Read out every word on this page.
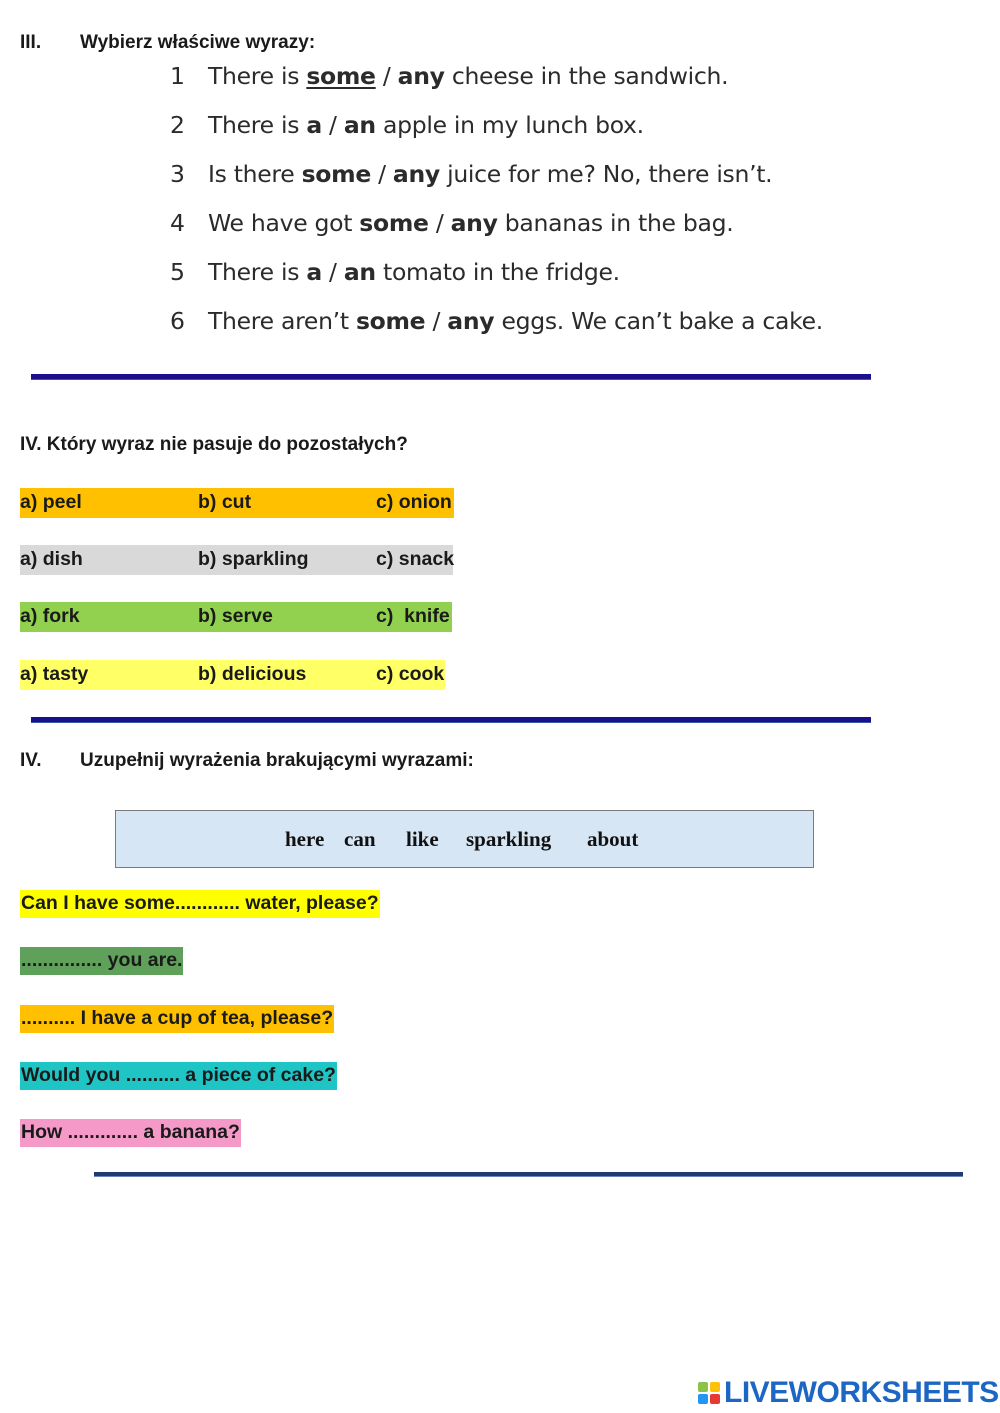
III. Wybierz właściwe wyrazy:
1 There is some / any cheese in the sandwich.
2 There is a / an apple in my lunch box.
3 Is there some / any juice for me? No, there isn’t.
4 We have got some / any bananas in the bag.
5 There is a / an tomato in the fridge.
6 There aren’t some / any eggs. We can’t bake a cake.
IV. Który wyraz nie pasuje do pozostałych?
a) peel	b) cut	c) onion
a) dish	b) sparkling	c) snack
a) fork	b) serve	c)  knife
a) tasty	b) delicious	c) cook
IV. Uzupełnij wyrażenia brakującymi wyrazami:
here can like sparkling about
Can I have some............ water, please?
............... you are.
.......... I have a cup of tea, please?
Would you .......... a piece of cake?
How ............. a banana?
LIVEWORKSHEETS
